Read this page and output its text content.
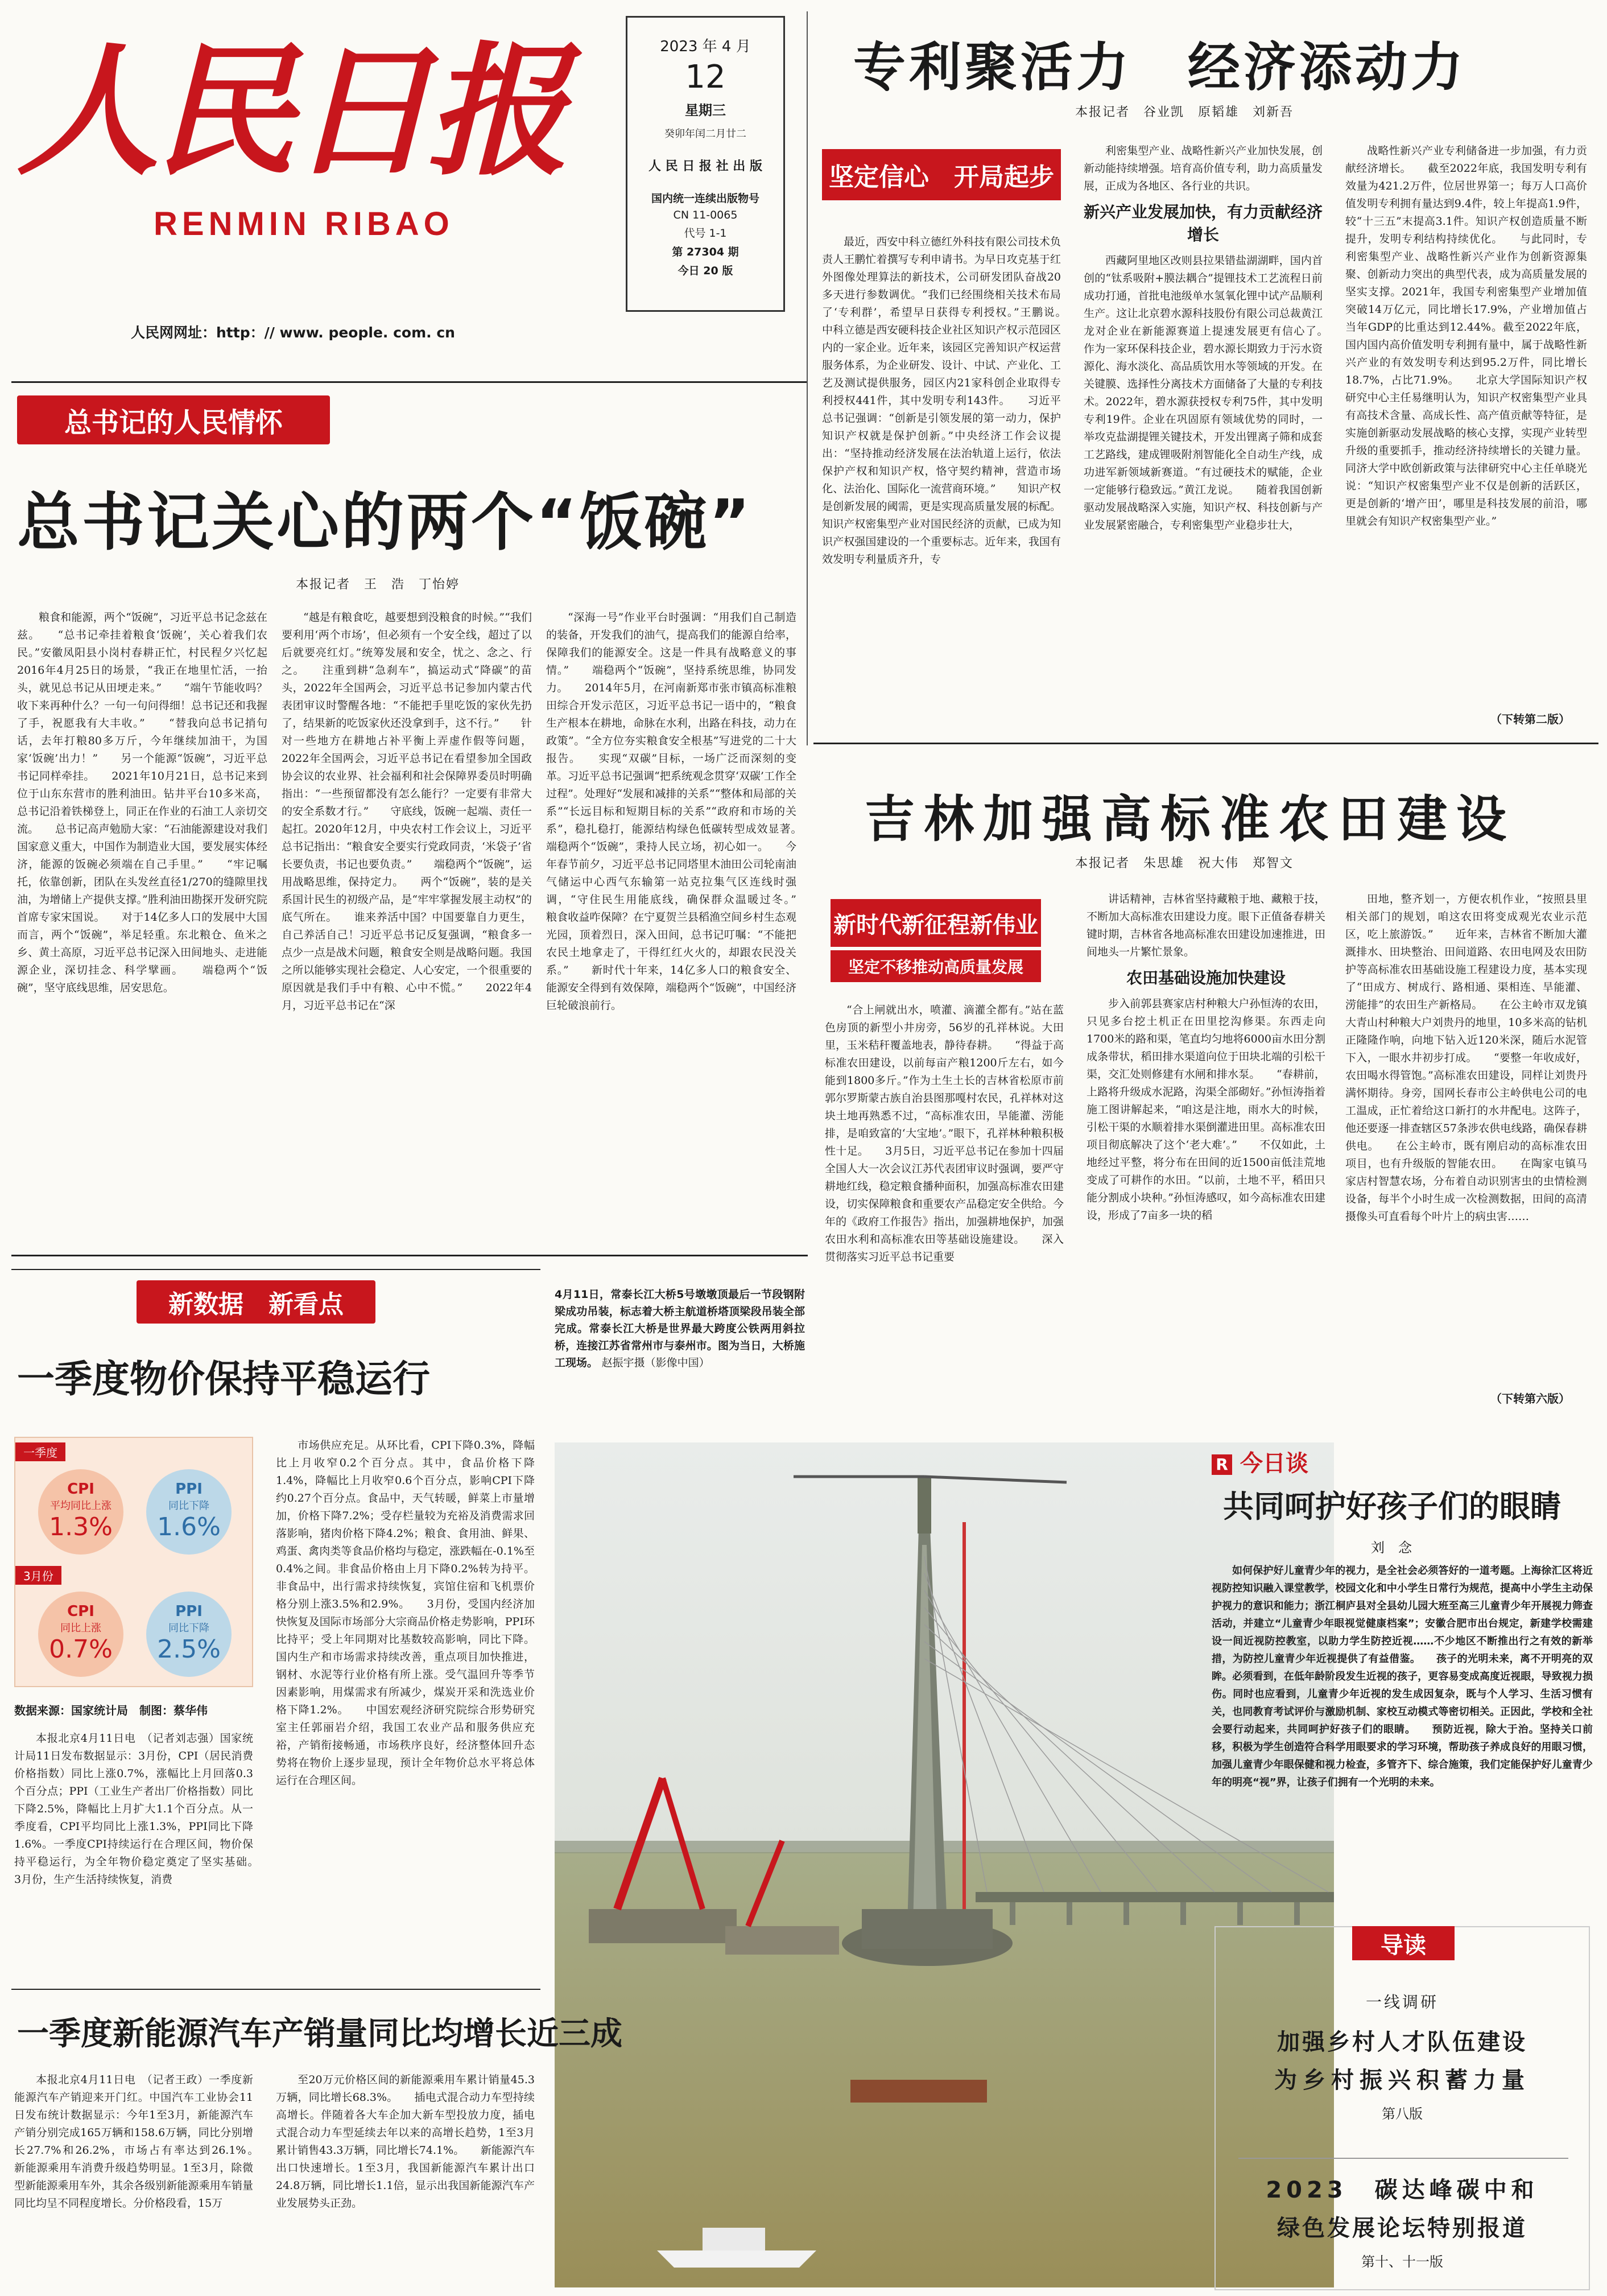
人民日报
RENMIN RIBAO
人民网网址：http：// www. people. com. cn
2023 年 4 月
12
星期三
癸卯年闰二月廿二
人 民 日 报 社 出 版
国内统一连续出版物号
CN 11-0065
代号 1-1
第 27304 期
今日 20 版
专利聚活力　经济添动力
本报记者　谷业凯　原韬雄　刘新吾
坚定信心　开局起步

最近，西安中科立德红外科技有限公司技术负责人王鹏忙着撰写专利申请书。为早日攻克基于红外图像处理算法的新技术，公司研发团队奋战20多天进行参数调优。“我们已经围绕相关技术布局了‘专利群’，希望早日获得专利授权。”王鹏说。　　中科立德是西安硬科技企业社区知识产权示范园区内的一家企业。近年来，该园区完善知识产权运营服务体系，为企业研发、设计、中试、产业化、工艺及测试提供服务，园区内21家科创企业取得专利授权441件，其中发明专利143件。　　习近平总书记强调：“创新是引领发展的第一动力，保护知识产权就是保护创新。”中央经济工作会议提出：“坚持推动经济发展在法治轨道上运行，依法保护产权和知识产权，恪守契约精神，营造市场化、法治化、国际化一流营商环境。”　　知识产权是创新发展的阈需，更是实现高质量发展的标配。知识产权密集型产业对国民经济的贡献，已成为知识产权强国建设的一个重要标志。近年来，我国有效发明专利量质齐升，专

利密集型产业、战略性新兴产业加快发展，创新动能持续增强。培育高价值专利，助力高质量发展，正成为各地区、各行业的共识。

新兴产业发展加快，有力贡献经济增长

西藏阿里地区改则县拉果错盐湖湖畔，国内首创的“钛系吸附+膜法耦合”提锂技术工艺流程日前成功打通，首批电池级单水氢氧化锂中试产品顺利生产。这让北京碧水源科技股份有限公司总裁黄江龙对企业在新能源赛道上提速发展更有信心了。　　作为一家环保科技企业，碧水源长期致力于污水资源化、海水淡化、高品质饮用水等领域的开发。在关键膜、选择性分离技术方面储备了大量的专利技术。2022年，碧水源获授权专利75件，其中发明专利19件。企业在巩固原有领域优势的同时，一举攻克盐湖提锂关键技术，开发出锂离子筛和成套工艺路线，建成锂吸附剂智能化全自动生产线，成功进军新领域新赛道。“有过硬技术的赋能，企业一定能够行稳致远。”黄江龙说。　　随着我国创新驱动发展战略深入实施，知识产权、科技创新与产业发展紧密融合，专利密集型产业稳步壮大，

战略性新兴产业专利储备进一步加强，有力贡献经济增长。　　截至2022年底，我国发明专利有效量为421.2万件，位居世界第一；每万人口高价值发明专利拥有量达到9.4件，较上年提高1.9件，较“十三五”末提高3.1件。知识产权创造质量不断提升，发明专利结构持续优化。　　与此同时，专利密集型产业、战略性新兴产业作为创新资源集聚、创新动力突出的典型代表，成为高质量发展的坚实支撑。2021年，我国专利密集型产业增加值突破14万亿元，同比增长17.9%，产业增加值占当年GDP的比重达到12.44%。截至2022年底，国内国内高价值发明专利拥有量中，属于战略性新兴产业的有效发明专利达到95.2万件，同比增长18.7%，占比71.9%。　　北京大学国际知识产权研究中心主任易继明认为，知识产权密集型产业具有高技术含量、高成长性、高产值贡献等特征，是实施创新驱动发展战略的核心支撑，实现产业转型升级的重要抓手，推动经济持续增长的关键力量。同济大学中欧创新政策与法律研究中心主任单晓光说：“知识产权密集型产业不仅是创新的活跃区，更是创新的‘增产田’，哪里是科技发展的前沿，哪里就会有知识产权密集型产业。”

（下转第二版）
总书记的人民情怀
总书记关心的两个“饭碗”
本报记者　王　浩　丁怡婷

粮食和能源，两个“饭碗”，习近平总书记念兹在兹。　　“总书记牵挂着粮食‘饭碗’，关心着我们农民。”安徽凤阳县小岗村春耕正忙，村民程夕兴忆起2016年4月25日的场景，“我正在地里忙活，一抬头，就见总书记从田埂走来。”　　“端午节能收吗？收下来再种什么？一句一句问得细！总书记还和我握了手，祝愿我有大丰收。”　　“替我向总书记捎句话，去年打粮80多万斤，今年继续加油干，为国家‘饭碗’出力！”　　另一个能源“饭碗”，习近平总书记同样牵挂。　　2021年10月21日，总书记来到位于山东东营市的胜利油田。钻井平台10多米高，总书记沿着铁梯登上，同正在作业的石油工人亲切交流。　　总书记高声勉励大家：“石油能源建设对我们国家意义重大，中国作为制造业大国，要发展实体经济，能源的饭碗必须端在自己手里。”　　“牢记嘱托，依靠创新，团队在头发丝直径1/270的缝隙里找油，为增储上产提供支撑。”胜利油田勘探开发研究院首席专家宋国说。　　对于14亿多人口的发展中大国而言，两个“饭碗”，举足轻重。东北粮仓、鱼米之乡、黄土高原，习近平总书记深入田间地头、走进能源企业，深切挂念、科学擘画。　　端稳两个“饭碗”，坚守底线思维，居安思危。

“越是有粮食吃，越要想到没粮食的时候。”“我们要利用‘两个市场’，但必须有一个安全线，超过了以后就要亮红灯。”统筹发展和安全，忧之、念之、行之。　　注重到耕“急刹车”，搞运动式“降碳”的苗头，2022年全国两会，习近平总书记参加内蒙古代表团审议时警醒各地：“不能把手里吃饭的家伙先扔了，结果新的吃饭家伙还没拿到手，这不行。”　　针对一些地方在耕地占补平衡上弄虚作假等问题，2022年全国两会，习近平总书记在看望参加全国政协会议的农业界、社会福利和社会保障界委员时明确指出：“一些预留都没有怎么能行？一定要有非常大的安全系数才行。”　　守底线，饭碗一起端、责任一起扛。2020年12月，中央农村工作会议上，习近平总书记指出：“粮食安全要实行党政同责，‘米袋子’省长要负责，书记也要负责。”　　端稳两个“饭碗”，运用战略思维，保持定力。　　两个“饭碗”，装的是关系国计民生的初级产品，是“牢牢掌握发展主动权”的底气所在。　　谁来养活中国？中国要靠自力更生，自己养活自己！习近平总书记反复强调，“粮食多一点少一点是战术问题，粮食安全则是战略问题。我国之所以能够实现社会稳定、人心安定，一个很重要的原因就是我们手中有粮、心中不慌。”　　2022年4月，习近平总书记在“深

“深海一号”作业平台时强调：“用我们自己制造的装备，开发我们的油气，提高我们的能源自给率，保障我们的能源安全。这是一件具有战略意义的事情。”　　端稳两个“饭碗”，坚持系统思维，协同发力。　　2014年5月，在河南新郑市张市镇高标准粮田综合开发示范区，习近平总书记一语中的，“粮食生产根本在耕地，命脉在水利，出路在科技，动力在政策”。“全方位夯实粮食安全根基”写进党的二十大报告。　　实现“双碳”目标，一场广泛而深刻的变革。习近平总书记强调“把系统观念贯穿‘双碳’工作全过程”。处理好“发展和减排的关系”“整体和局部的关系”“长远目标和短期目标的关系”“政府和市场的关系”，稳扎稳打，能源结构绿色低碳转型成效显著。　　端稳两个“饭碗”，秉持人民立场，初心如一。　　今年春节前夕，习近平总书记同塔里木油田公司轮南油气储运中心西气东输第一站克拉集气区连线时强调，“守住民生用能底线，确保群众温暖过冬。”　　粮食收益咋保障？在宁夏贺兰县稻渔空间乡村生态观光园，顶着烈日，深入田间，总书记叮嘱：“不能把农民土地拿走了，干得红红火火的，却跟农民没关系。”　　新时代十年来，14亿多人口的粮食安全、能源安全得到有效保障，端稳两个“饭碗”，中国经济巨轮破浪前行。

吉林加强高标准农田建设
本报记者　朱思雄　祝大伟　郑智文
新时代新征程新伟业
坚定不移推动高质量发展

“合上闸就出水，喷灌、滴灌全都有。”站在蓝色房顶的新型小井房旁，56岁的孔祥林说。大田里，玉米秸秆覆盖地表，静待春耕。　　“得益于高标准农田建设，以前每亩产粮1200斤左右，如今能到1800多斤。”作为土生土长的吉林省松原市前郭尔罗斯蒙古族自治县图那嘎村农民，孔祥林对这块土地再熟悉不过，“高标准农田，旱能灌、涝能排，是咱致富的‘大宝地’。”眼下，孔祥林种粮积极性十足。　　3月5日，习近平总书记在参加十四届全国人大一次会议江苏代表团审议时强调，要严守耕地红线，稳定粮食播种面积，加强高标准农田建设，切实保障粮食和重要农产品稳定安全供给。今年的《政府工作报告》指出，加强耕地保护，加强农田水利和高标准农田等基础设施建设。　　深入贯彻落实习近平总书记重要

讲话精神，吉林省坚持藏粮于地、藏粮于技，不断加大高标准农田建设力度。眼下正值备春耕关键时期，吉林省各地高标准农田建设加速推进，田间地头一片繁忙景象。

农田基础设施加快建设

步入前郭县赛家店村种粮大户孙恒涛的农田，只见多台挖土机正在田里挖沟修渠。东西走向1700米的路和渠，笔直均匀地将6000亩水田分割成条带状，稻田排水渠道向位于田块北端的引松干渠，交汇处则修建有水闸和排水泵。　　“春耕前，上路将升级成水泥路，沟渠全部砌好。”孙恒涛指着施工图讲解起来，“咱这是注地，雨水大的时候，引松干渠的水顺着排水渠倒灌进田里。高标准农田项目彻底解决了这个‘老大难’。”　　不仅如此，土地经过平整，将分布在田间的近1500亩低洼荒地变成了可耕作的水田。“以前，土地不平，稻田只能分割成小块种。”孙恒涛感叹，如今高标准农田建设，形成了7亩多一块的稻

田地，整齐划一，方便农机作业，“按照县里相关部门的规划，咱这农田将变成观光农业示范区，吃上旅游饭。”　　近年来，吉林省不断加大灌溉排水、田块整治、田间道路、农田电网及农田防护等高标准农田基础设施工程建设力度，基本实现了“田成方、树成行、路相通、渠相连、旱能灌、涝能排”的农田生产新格局。　　在公主岭市双龙镇大青山村种粮大户刘贵丹的地里，10多米高的钻机正隆隆作响，向地下钻入近120米深，随后水泥管下入，一眼水井初步打成。　　“要整一年收成好，农田喝水得管饱。”高标准农田建设，同样让刘贵丹满怀期待。身旁，国网长春市公主岭供电公司的电工温成，正忙着给这口新打的水井配电。这阵子，他还要逐一排查辖区57条涉农供电线路，确保春耕供电。　　在公主岭市，既有刚启动的高标准农田项目，也有升级版的智能农田。　　在陶家屯镇马家店村智慧农场，分布着自动识别害虫的虫情检测设备，每半个小时生成一次检测数据，田间的高清摄像头可直看每个叶片上的病虫害……

（下转第六版）
4月11日，常泰长江大桥5号墩墩顶最后一节段钢附梁成功吊装，标志着大桥主航道桥塔顶梁段吊装全部完成。常泰长江大桥是世界最大跨度公铁两用斜拉桥，连接江苏省常州市与泰州市。图为当日，大桥施工现场。 赵振宇摄（影像中国）
新数据　新看点
一季度物价保持平稳运行
一季度
CPI
平均同比上涨
1.3%
PPI
同比下降
1.6%
3月份
CPI
同比上涨
0.7%
PPI
同比下降
2.5%
数据来源：国家统计局　制图：蔡华伟

本报北京4月11日电　（记者刘志强）国家统计局11日发布数据显示：3月份，CPI（居民消费价格指数）同比上涨0.7%，涨幅比上月回落0.3个百分点；PPI（工业生产者出厂价格指数）同比下降2.5%，降幅比上月扩大1.1个百分点。从一季度看，CPI平均同比上涨1.3%，PPI同比下降1.6%。一季度CPI持续运行在合理区间，物价保持平稳运行，为全年物价稳定奠定了坚实基础。　　3月份，生产生活持续恢复，消费

市场供应充足。从环比看，CPI下降0.3%，降幅比上月收窄0.2个百分点。其中，食品价格下降1.4%，降幅比上月收窄0.6个百分点，影响CPI下降约0.27个百分点。食品中，天气转暖，鲜菜上市量增加，价格下降7.2%；受存栏量较为充裕及消费需求回落影响，猪肉价格下降4.2%；粮食、食用油、鲜果、鸡蛋、禽肉类等食品价格均与稳定，涨跌幅在-0.1%至0.4%之间。非食品价格由上月下降0.2%转为持平。非食品中，出行需求持续恢复，宾馆住宿和飞机票价格分别上涨3.5%和2.9%。　　3月份，受国内经济加快恢复及国际市场部分大宗商品价格走势影响，PPI环比持平；受上年同期对比基数较高影响，同比下降。国内生产和市场需求持续改善，重点项目加快推进，钢材、水泥等行业价格有所上涨。受气温回升等季节因素影响，用煤需求有所减少，煤炭开采和洗选业价格下降1.2%。　　中国宏观经济研究院综合形势研究室主任郭丽岩介绍，我国工农业产品和服务供应充裕，产销衔接畅通，市场秩序良好，经济整体回升态势将在物价上逐步显现，预计全年物价总水平将总体运行在合理区间。

一季度新能源汽车产销量同比均增长近三成

本报北京4月11日电　（记者王政）一季度新能源汽车产销迎来开门红。中国汽车工业协会11日发布统计数据显示：今年1至3月，新能源汽车产销分别完成165万辆和158.6万辆，同比分别增长27.7%和26.2%，市场占有率达到26.1%。　　新能源乘用车消费升级趋势明显。1至3月，除微型新能源乘用车外，其余各级别新能源乘用车销量同比均呈不同程度增长。分价格段看，15万

至20万元价格区间的新能源乘用车累计销量45.3万辆，同比增长68.3%。　　插电式混合动力车型持续高增长。伴随着各大车企加大新车型投放力度，插电式混合动力车型延续去年以来的高增长趋势，1至3月累计销售43.3万辆，同比增长74.1%。　　新能源汽车出口快速增长。1至3月，我国新能源汽车累计出口24.8万辆，同比增长1.1倍，显示出我国新能源汽车产业发展势头正劲。

R 今日谈
共同呵护好孩子们的眼睛
刘　念

如何保护好儿童青少年的视力，是全社会必须答好的一道考题。上海徐汇区将近视防控知识融入课堂教学，校园文化和中小学生日常行为规范，提高中小学生主动保护视力的意识和能力；浙江桐庐县对全县幼儿园大班至高三儿童青少年开展视力筛查活动，并建立“儿童青少年眼视觉健康档案”；安徽合肥市出台规定，新建学校需建设一间近视防控教室，以助力学生防控近视……不少地区不断推出行之有效的新举措，为防控儿童青少年近视提供了有益借鉴。　　孩子的光明未来，离不开明亮的双眸。必须看到，在低年龄阶段发生近视的孩子，更容易变成高度近视眼，导致视力损伤。同时也应看到，儿童青少年近视的发生成因复杂，既与个人学习、生活习惯有关，也同教育考试评价与激励机制、家校互动模式等密切相关。正因此，学校和全社会要行动起来，共同呵护好孩子们的眼睛。　　预防近视，除大于治。坚持关口前移，积极为学生创造符合科学用眼要求的学习环境，帮助孩子养成良好的用眼习惯，加强儿童青少年眼保健和视力检查，多管齐下、综合施策，我们定能保护好儿童青少年的明亮“视”界，让孩子们拥有一个光明的未来。

导读
一线调研
加强乡村人才队伍建设
为乡村振兴积蓄力量
第八版
2023　碳达峰碳中和
绿色发展论坛特别报道
第十、十一版
